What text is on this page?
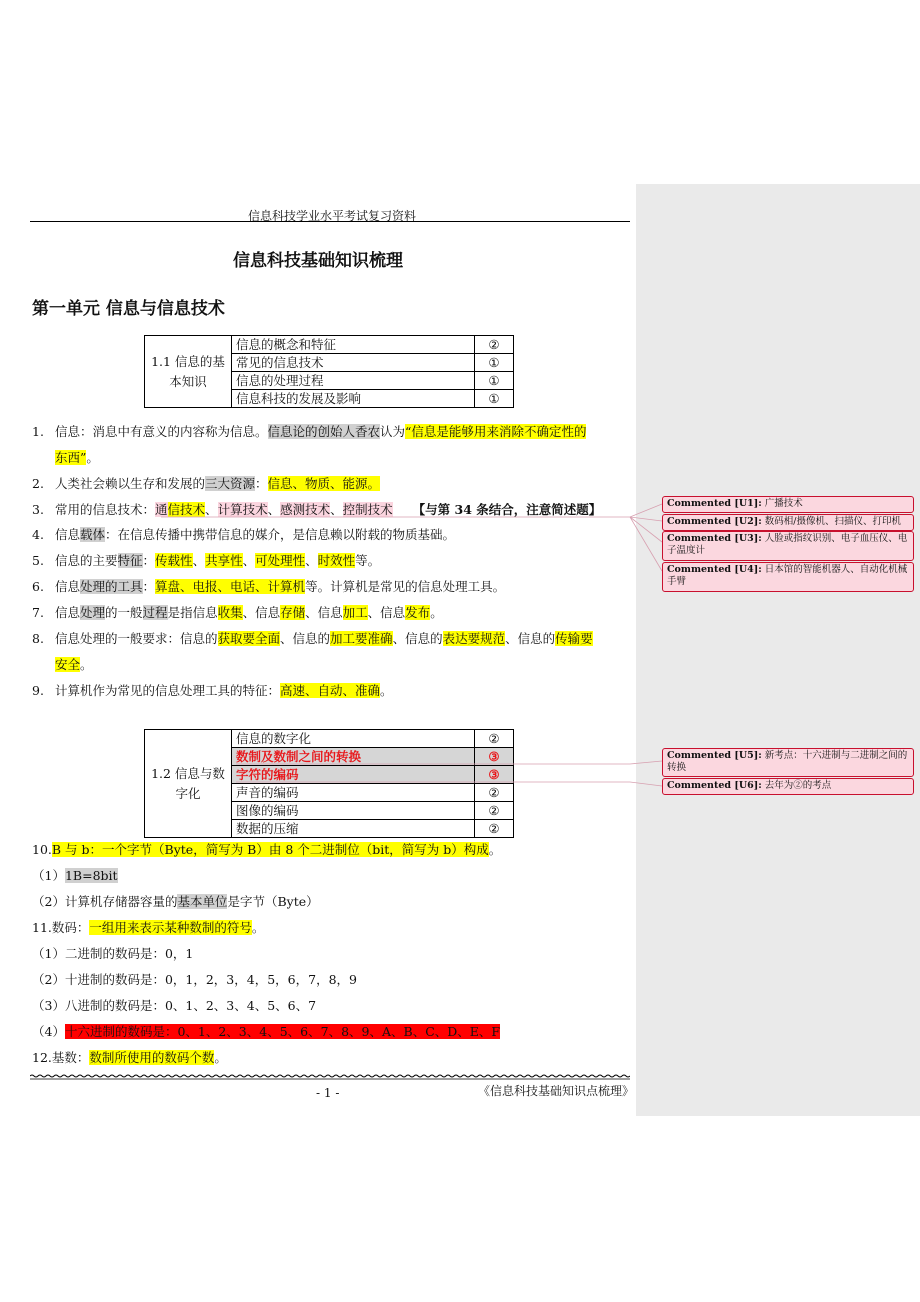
信息科技学业水平考试复习资料
信息科技基础知识梳理
第一单元 信息与信息技术
1.1 信息的基本知识	信息的概念和特征	②
	常见的信息技术	①
	信息的处理过程	①
	信息科技的发展及影响	①
1. 信息：消息中有意义的内容称为信息。信息论的创始人香农认为“信息是能够用来消除不确定性的
东西”。
2. 人类社会赖以生存和发展的三大资源：信息、物质、能源。
3. 常用的信息技术：通信技术、计算技术、感测技术、控制技术 【与第 34 条结合，注意简述题】
4. 信息载体：在信息传播中携带信息的媒介，是信息赖以附载的物质基础。
5. 信息的主要特征：传载性、共享性、可处理性、时效性等。
6. 信息处理的工具：算盘、电报、电话、计算机等。计算机是常见的信息处理工具。
7. 信息处理的一般过程是指信息收集、信息存储、信息加工、信息发布。
8. 信息处理的一般要求：信息的获取要全面、信息的加工要准确、信息的表达要规范、信息的传输要
安全。
9. 计算机作为常见的信息处理工具的特征：高速、自动、准确。
1.2 信息与数字化	信息的数字化	②
	数制及数制之间的转换	③
	字符的编码	③
	声音的编码	②
	图像的编码	②
	数据的压缩	②
10.B 与 b：一个字节（Byte，简写为 B）由 8 个二进制位（bit，简写为 b）构成。
（1）1B=8bit
（2）计算机存储器容量的基本单位是字节（Byte）
11.数码：一组用来表示某种数制的符号。
（1）二进制的数码是：0，1
（2）十进制的数码是：0，1，2，3，4，5，6，7，8，9
（3）八进制的数码是：0、1、2、3、4、5、6、7
（4）十六进制的数码是：0、1、2、3、4、5、6、7、8、9、A、B、C、D、E、F
12.基数：数制所使用的数码个数。
- 1 -	《信息科技基础知识点梳理》
Commented [U1]: 广播技术
Commented [U2]: 数码相/摄像机、扫描仪、打印机
Commented [U3]: 人脸或指纹识别、电子血压仪、电子温度计
Commented [U4]: 日本馆的智能机器人、自动化机械手臂
Commented [U5]: 新考点：十六进制与二进制之间的转换
Commented [U6]: 去年为②的考点
